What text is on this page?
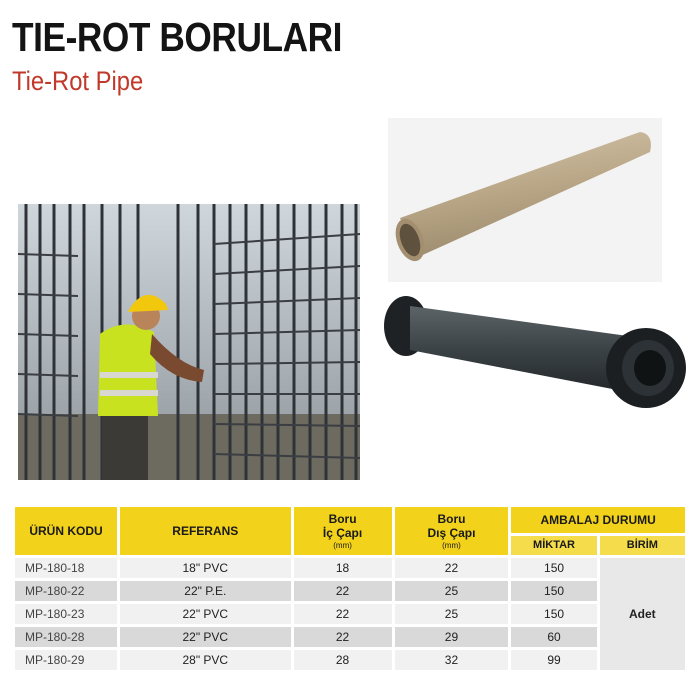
TIE-ROT BORULARI
Tie-Rot Pipe
ÜRÜN KODU	REFERANS	Boru
İç Çapı
(mm)	Boru
Dış Çapı
(mm)	AMBALAJ DURUMU	
				MİKTAR	BİRİM
MP-180-18	18" PVC	18	22	150	Adet
MP-180-22	22" P.E.	22	25	150	
MP-180-23	22" PVC	22	25	150	
MP-180-28	22" PVC	22	29	60	
MP-180-29	28" PVC	28	32	99	
